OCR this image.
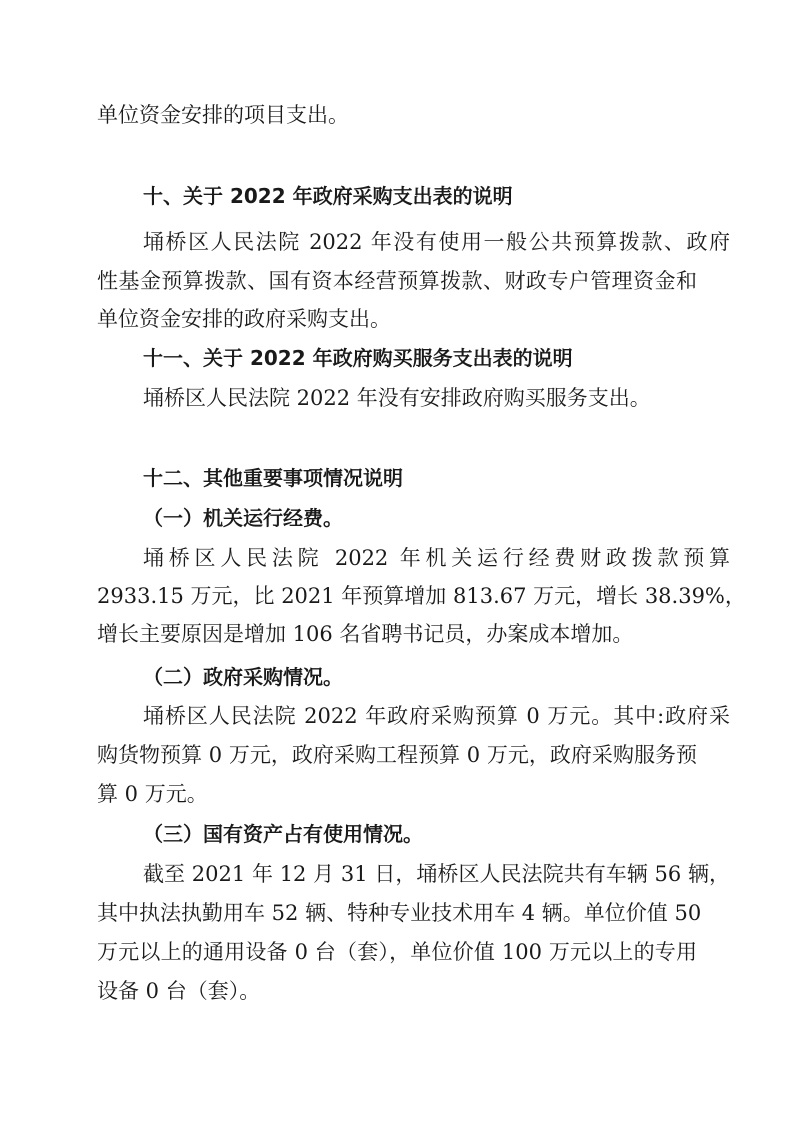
单位资金安排的项目支出。
十、关于 2022 年政府采购支出表的说明
埇桥区人民法院 2022 年没有使用一般公共预算拨款、政府
性基金预算拨款、国有资本经营预算拨款、财政专户管理资金和
单位资金安排的政府采购支出。
十一、关于 2022 年政府购买服务支出表的说明
埇桥区人民法院 2022 年没有安排政府购买服务支出。
十二、其他重要事项情况说明
（一）机关运行经费。
埇桥区人民法院 2022 年机关运行经费财政拨款预算
2933.15 万元，比 2021 年预算增加 813.67 万元，增长 38.39%，
增长主要原因是增加 106 名省聘书记员，办案成本增加。
（二）政府采购情况。
埇桥区人民法院 2022 年政府采购预算 0 万元。其中:政府采
购货物预算 0 万元，政府采购工程预算 0 万元，政府采购服务预
算 0 万元。
（三）国有资产占有使用情况。
截至 2021 年 12 月 31 日，埇桥区人民法院共有车辆 56 辆，
其中执法执勤用车 52 辆、特种专业技术用车 4 辆。单位价值 50
万元以上的通用设备 0 台（套），单位价值 100 万元以上的专用
设备 0 台（套）。
